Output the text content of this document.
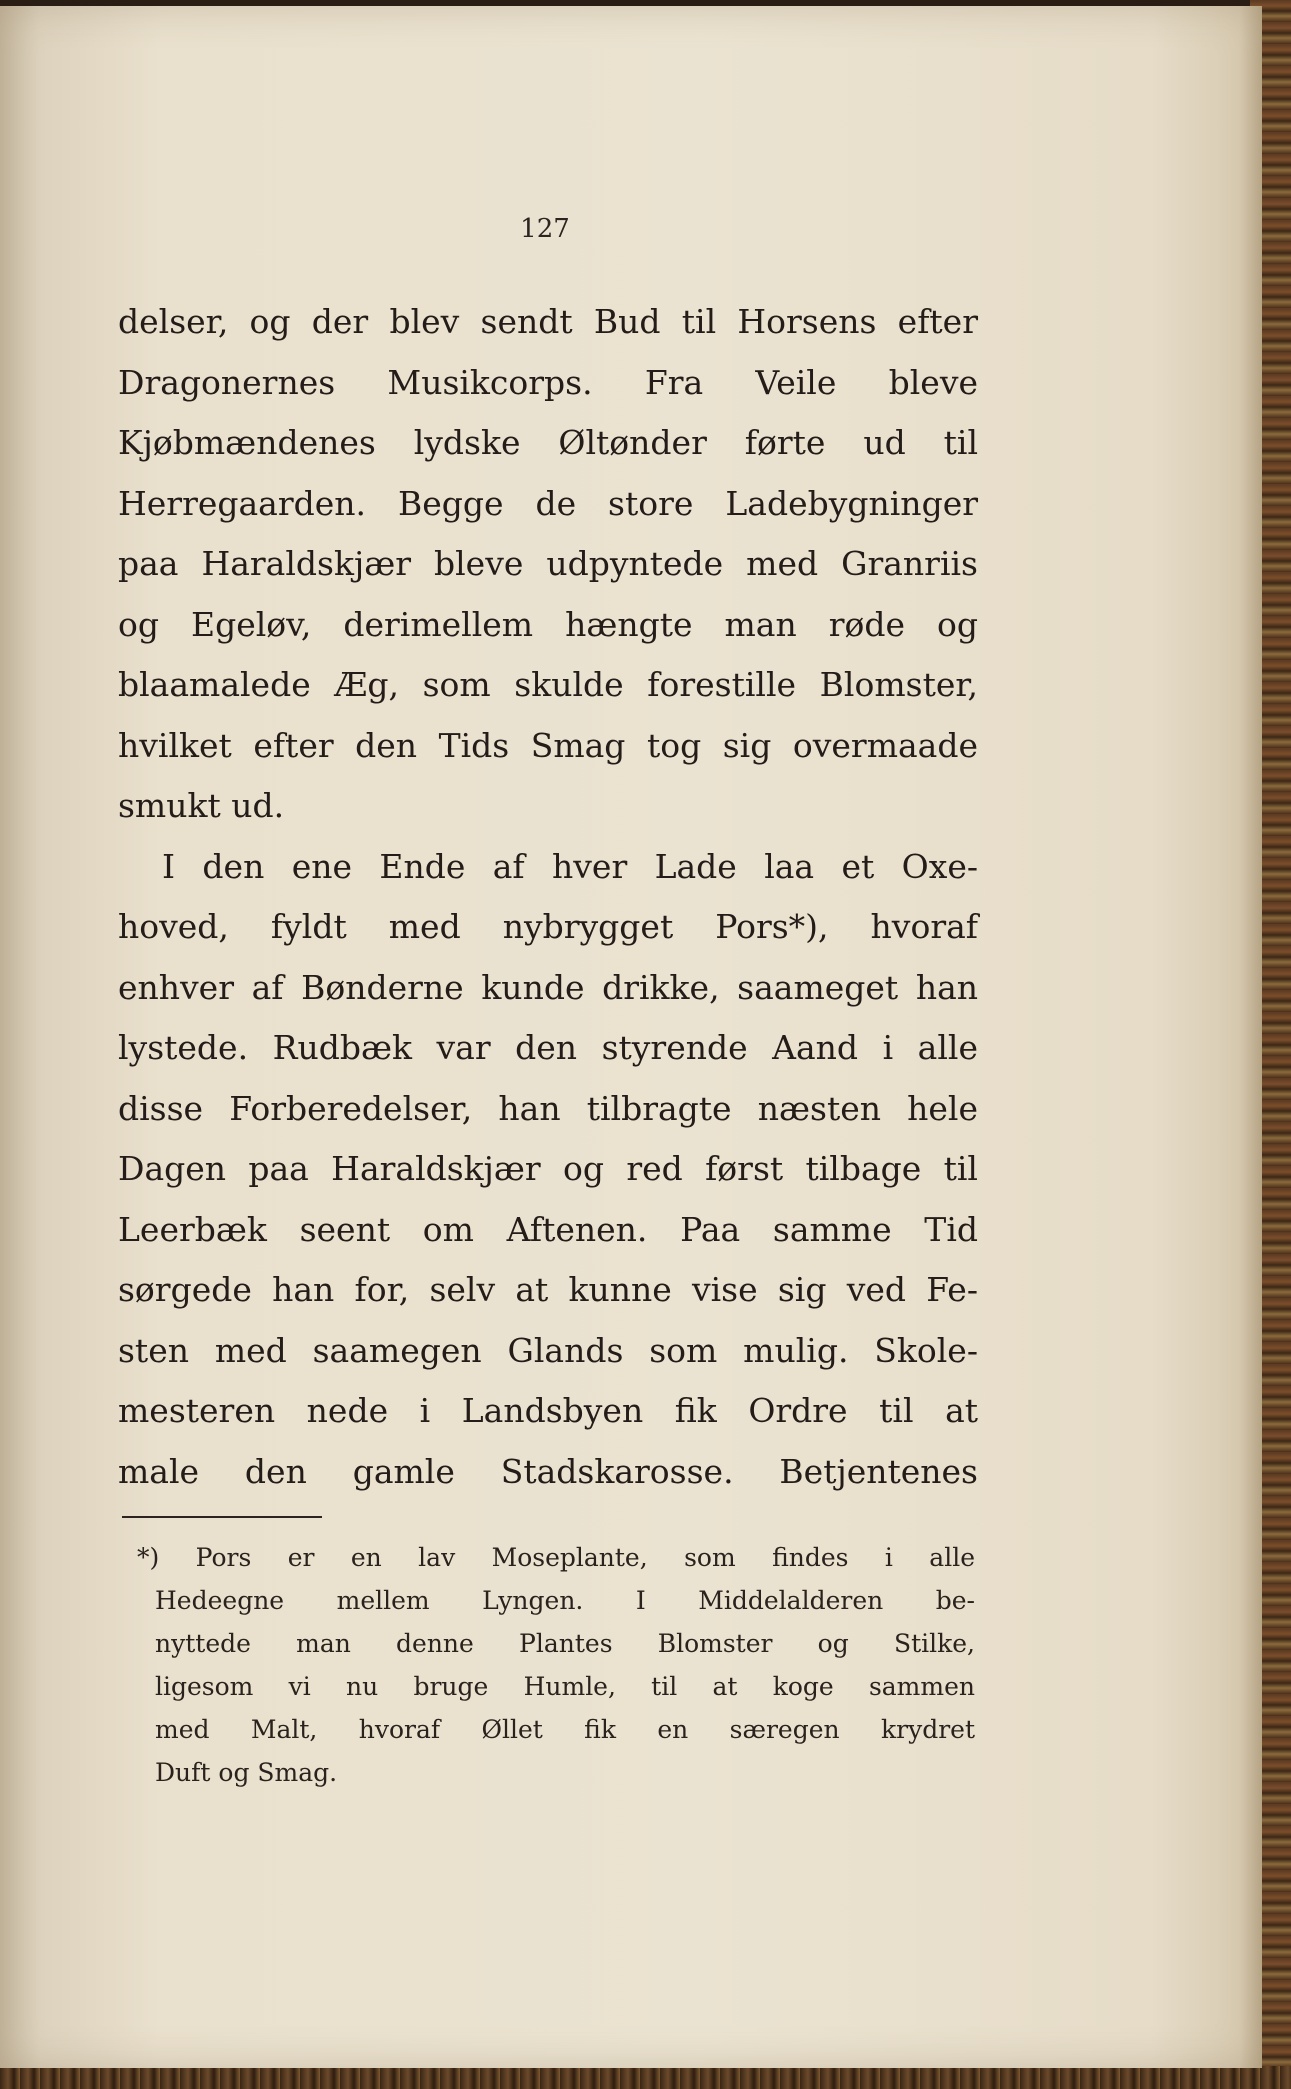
127
delser, og der blev sendt Bud til Horsens efter
Dragonernes Musikcorps. Fra Veile bleve
Kjøbmændenes lydske Øltønder førte ud til
Herregaarden. Begge de store Ladebygninger
paa Haraldskjær bleve udpyntede med Granriis
og Egeløv, derimellem hængte man røde og
blaamalede Æg, som skulde forestille Blomster,
hvilket efter den Tids Smag tog sig overmaade
smukt ud.
I den ene Ende af hver Lade laa et Oxe-
hoved, fyldt med nybrygget Pors*), hvoraf
enhver af Bønderne kunde drikke, saameget han
lystede. Rudbæk var den styrende Aand i alle
disse Forberedelser, han tilbragte næsten hele
Dagen paa Haraldskjær og red først tilbage til
Leerbæk seent om Aftenen. Paa samme Tid
sørgede han for, selv at kunne vise sig ved Fe-
sten med saamegen Glands som mulig. Skole-
mesteren nede i Landsbyen fik Ordre til at
male den gamle Stadskarosse. Betjentenes
*) Pors er en lav Moseplante, som findes i alle
Hedeegne mellem Lyngen. I Middelalderen be-
nyttede man denne Plantes Blomster og Stilke,
ligesom vi nu bruge Humle, til at koge sammen
med Malt, hvoraf Øllet fik en særegen krydret
Duft og Smag.
